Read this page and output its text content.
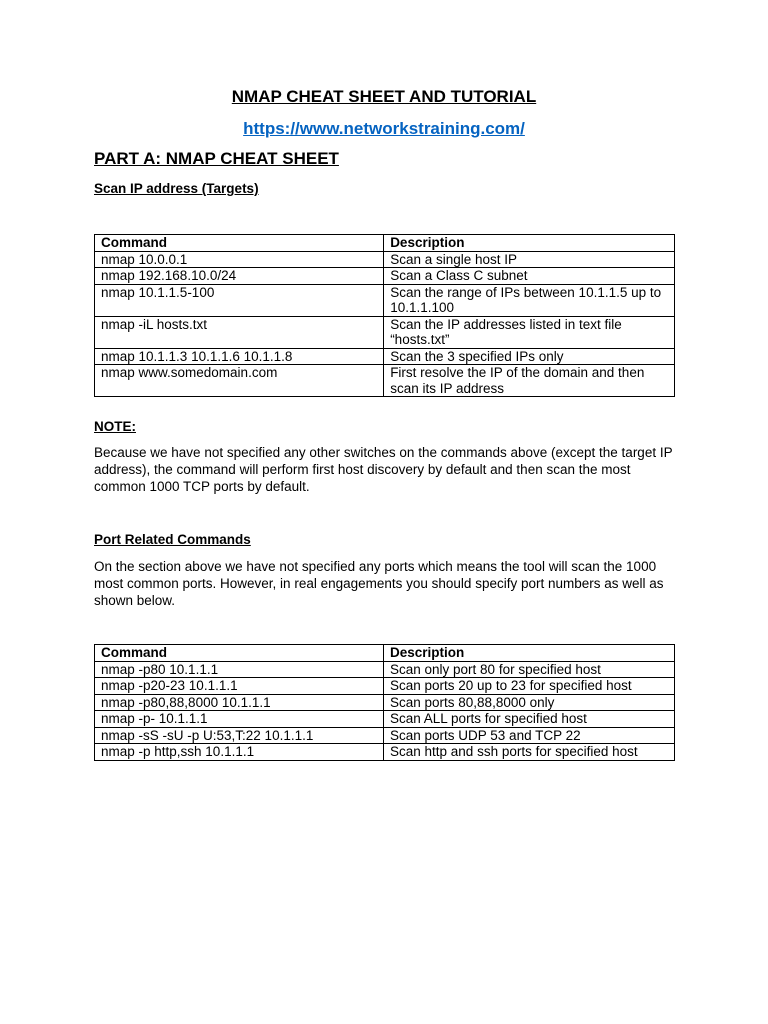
NMAP CHEAT SHEET AND TUTORIAL
https://www.networkstraining.com/
PART A: NMAP CHEAT SHEET
Scan IP address (Targets)
Command	Description
nmap 10.0.0.1	Scan a single host IP
nmap 192.168.10.0/24	Scan a Class C subnet
nmap 10.1.1.5-100	Scan the range of IPs between 10.1.1.5 up to 10.1.1.100
nmap -iL hosts.txt	Scan the IP addresses listed in text file “hosts.txt”
nmap 10.1.1.3 10.1.1.6 10.1.1.8	Scan the 3 specified IPs only
nmap www.somedomain.com	First resolve the IP of the domain and then scan its IP address
NOTE:

Because we have not specified any other switches on the commands above (except the target IP address), the command will perform first host discovery by default and then scan the most common 1000 TCP ports by default.

Port Related Commands

On the section above we have not specified any ports which means the tool will scan the 1000 most common ports. However, in real engagements you should specify port numbers as well as shown below.

Command	Description
nmap -p80 10.1.1.1	Scan only port 80 for specified host
nmap -p20-23 10.1.1.1	Scan ports 20 up to 23 for specified host
nmap -p80,88,8000 10.1.1.1	Scan ports 80,88,8000 only
nmap -p- 10.1.1.1	Scan ALL ports for specified host
nmap -sS -sU -p U:53,T:22 10.1.1.1	Scan ports UDP 53 and TCP 22
nmap -p http,ssh 10.1.1.1	Scan http and ssh ports for specified host
